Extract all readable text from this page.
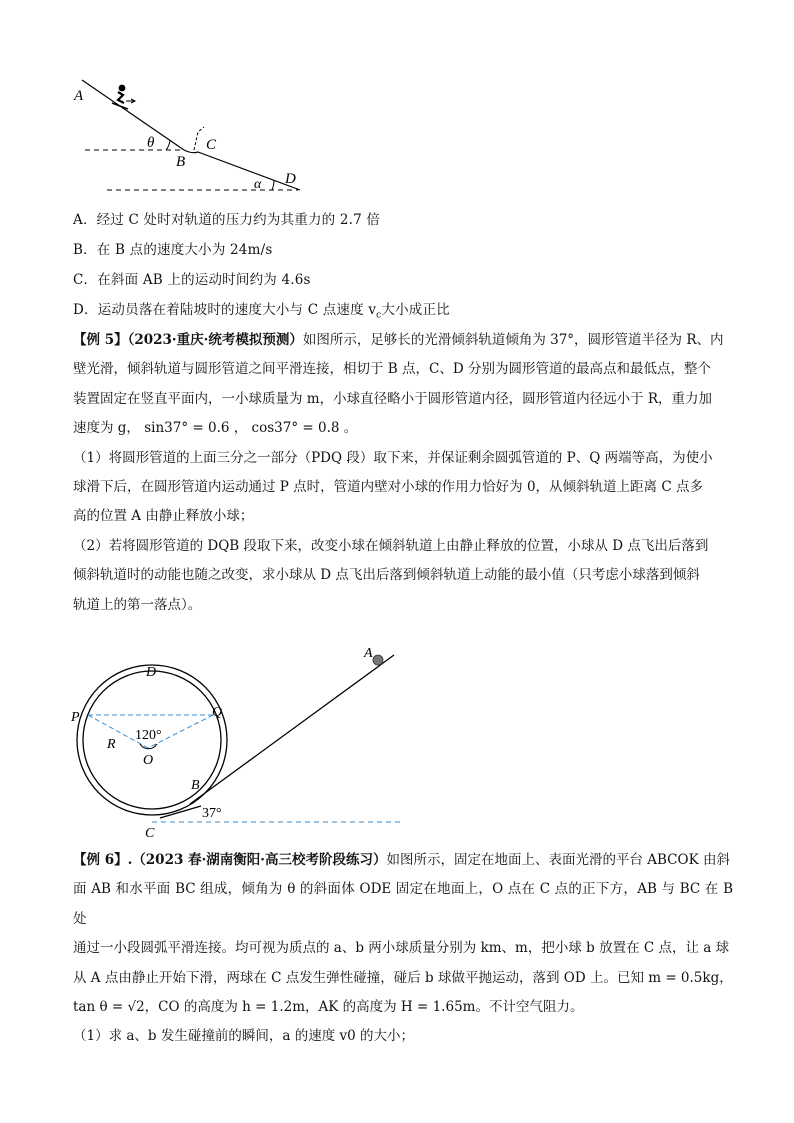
A
θ
B
C
α D
A．经过 C 处时对轨道的压力约为其重力的 2.7 倍
B．在 B 点的速度大小为 24m/s
C．在斜面 AB 上的运动时间约为 4.6s
D．运动员落在着陆坡时的速度大小与 C 点速度 $v_c$大小成正比
【例 5】（2023·重庆·统考模拟预测）如图所示，足够长的光滑倾斜轨道倾角为 37°，圆形管道半径为 R、内
壁光滑，倾斜轨道与圆形管道之间平滑连接，相切于 B 点，C、D 分别为圆形管道的最高点和最低点，整个
装置固定在竖直平面内，一小球质量为 m，小球直径略小于圆形管道内径，圆形管道内径远小于 R，重力加
速度为 g， sin37° = 0.6 ， cos37° = 0.8 。
（1）将圆形管道的上面三分之一部分（PDQ 段）取下来，并保证剩余圆弧管道的 P、Q 两端等高，为使小
球滑下后，在圆形管道内运动通过 P 点时，管道内壁对小球的作用力恰好为 0，从倾斜轨道上距离 C 点多
高的位置 A 由静止释放小球；
（2）若将圆形管道的 DQB 段取下来，改变小球在倾斜轨道上由静止释放的位置，小球从 D 点飞出后落到
倾斜轨道时的动能也随之改变，求小球从 D 点飞出后落到倾斜轨道上动能的最小值（只考虑小球落到倾斜
轨道上的第一落点）。
A
D
P	Q
R
120°
O
B
37°
C
【例 6】.（2023 春·湖南衡阳·高三校考阶段练习）如图所示，固定在地面上、表面光滑的平台 ABCOK 由斜
面 AB 和水平面 BC 组成，倾角为 θ 的斜面体 ODE 固定在地面上，O 点在 C 点的正下方，AB 与 BC 在 B 处
通过一小段圆弧平滑连接。均可视为质点的 a、b 两小球质量分别为 km、m，把小球 b 放置在 C 点，让 a 球
从 A 点由静止开始下滑，两球在 C 点发生弹性碰撞，碰后 b 球做平抛运动，落到 OD 上。已知 m = 0.5kg，
tan θ = √2，CO 的高度为 h = 1.2m，AK 的高度为 H = 1.65m。不计空气阻力。
（1）求 a、b 发生碰撞前的瞬间，a 的速度 v0 的大小；
